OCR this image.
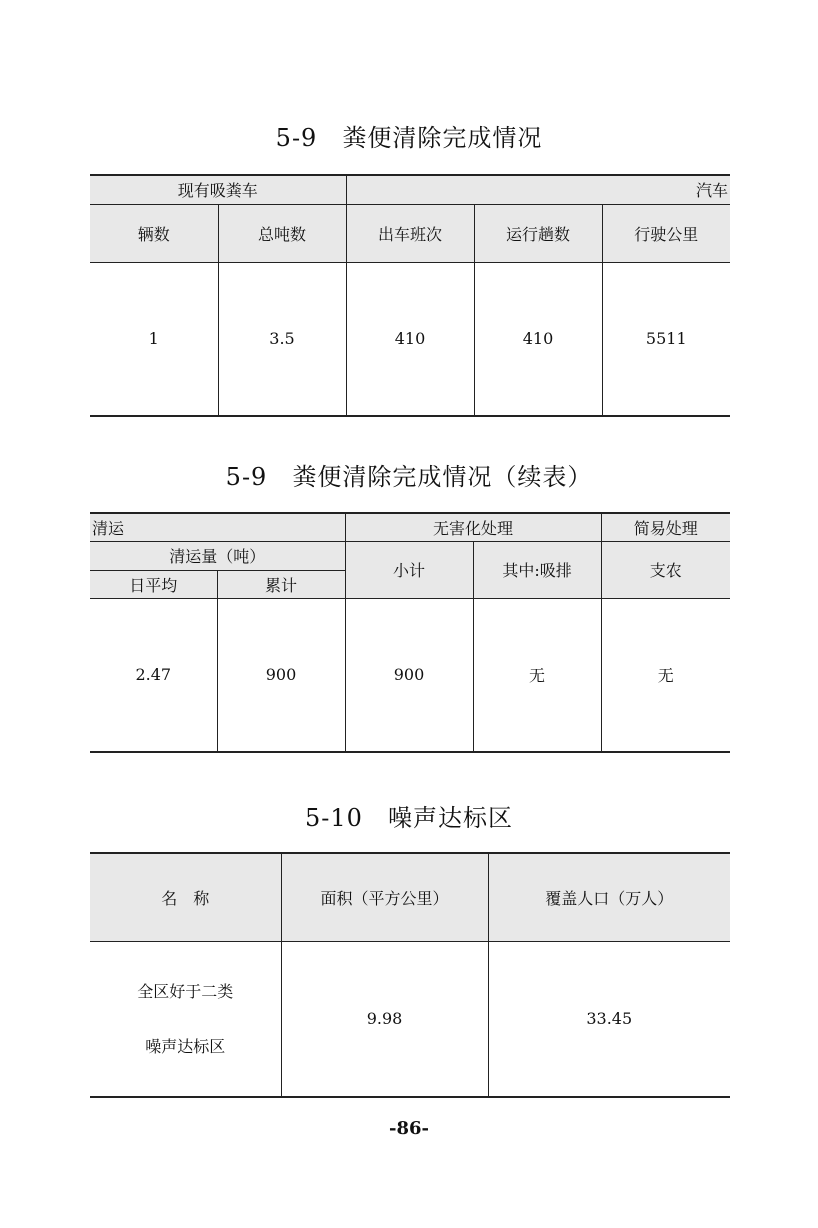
5-9　粪便清除完成情况
现有吸粪车		汽车		
辆数	总吨数	出车班次	运行趟数	行驶公里
1	3.5	410	410	5511
5-9　粪便清除完成情况（续表）
清运		无害化处理		简易处理
清运量（吨）		小计	其中:吸排	支农
日平均	累计			
2.47	900	900	无	无
5-10　噪声达标区
名　称	面积（平方公里）	覆盖人口（万人）

全区好于二类
噪声达标区	9.98	33.45
-86-
